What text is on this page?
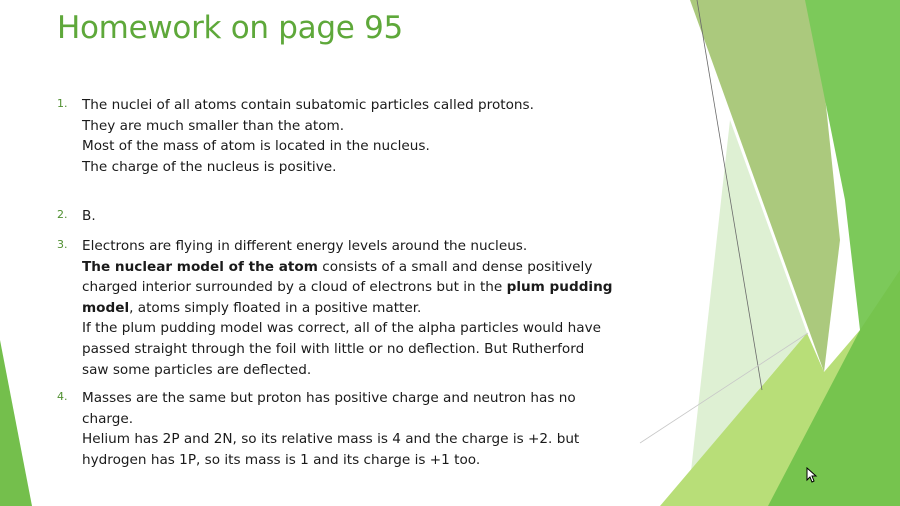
Homework on page 95
1. The nuclei of all atoms contain subatomic particles called protons.
They are much smaller than the atom.
Most of the mass of atom is located in the nucleus.
The charge of the nucleus is positive.
2. B.
3. Electrons are flying in different energy levels around the nucleus.
The nuclear model of the atom consists of a small and dense positively
charged interior surrounded by a cloud of electrons but in the plum pudding
model, atoms simply floated in a positive matter.
If the plum pudding model was correct, all of the alpha particles would have
passed straight through the foil with little or no deflection. But Rutherford
saw some particles are deflected.
4. Masses are the same but proton has positive charge and neutron has no
charge.
Helium has 2P and 2N, so its relative mass is 4 and the charge is +2. but
hydrogen has 1P, so its mass is 1 and its charge is +1 too.
